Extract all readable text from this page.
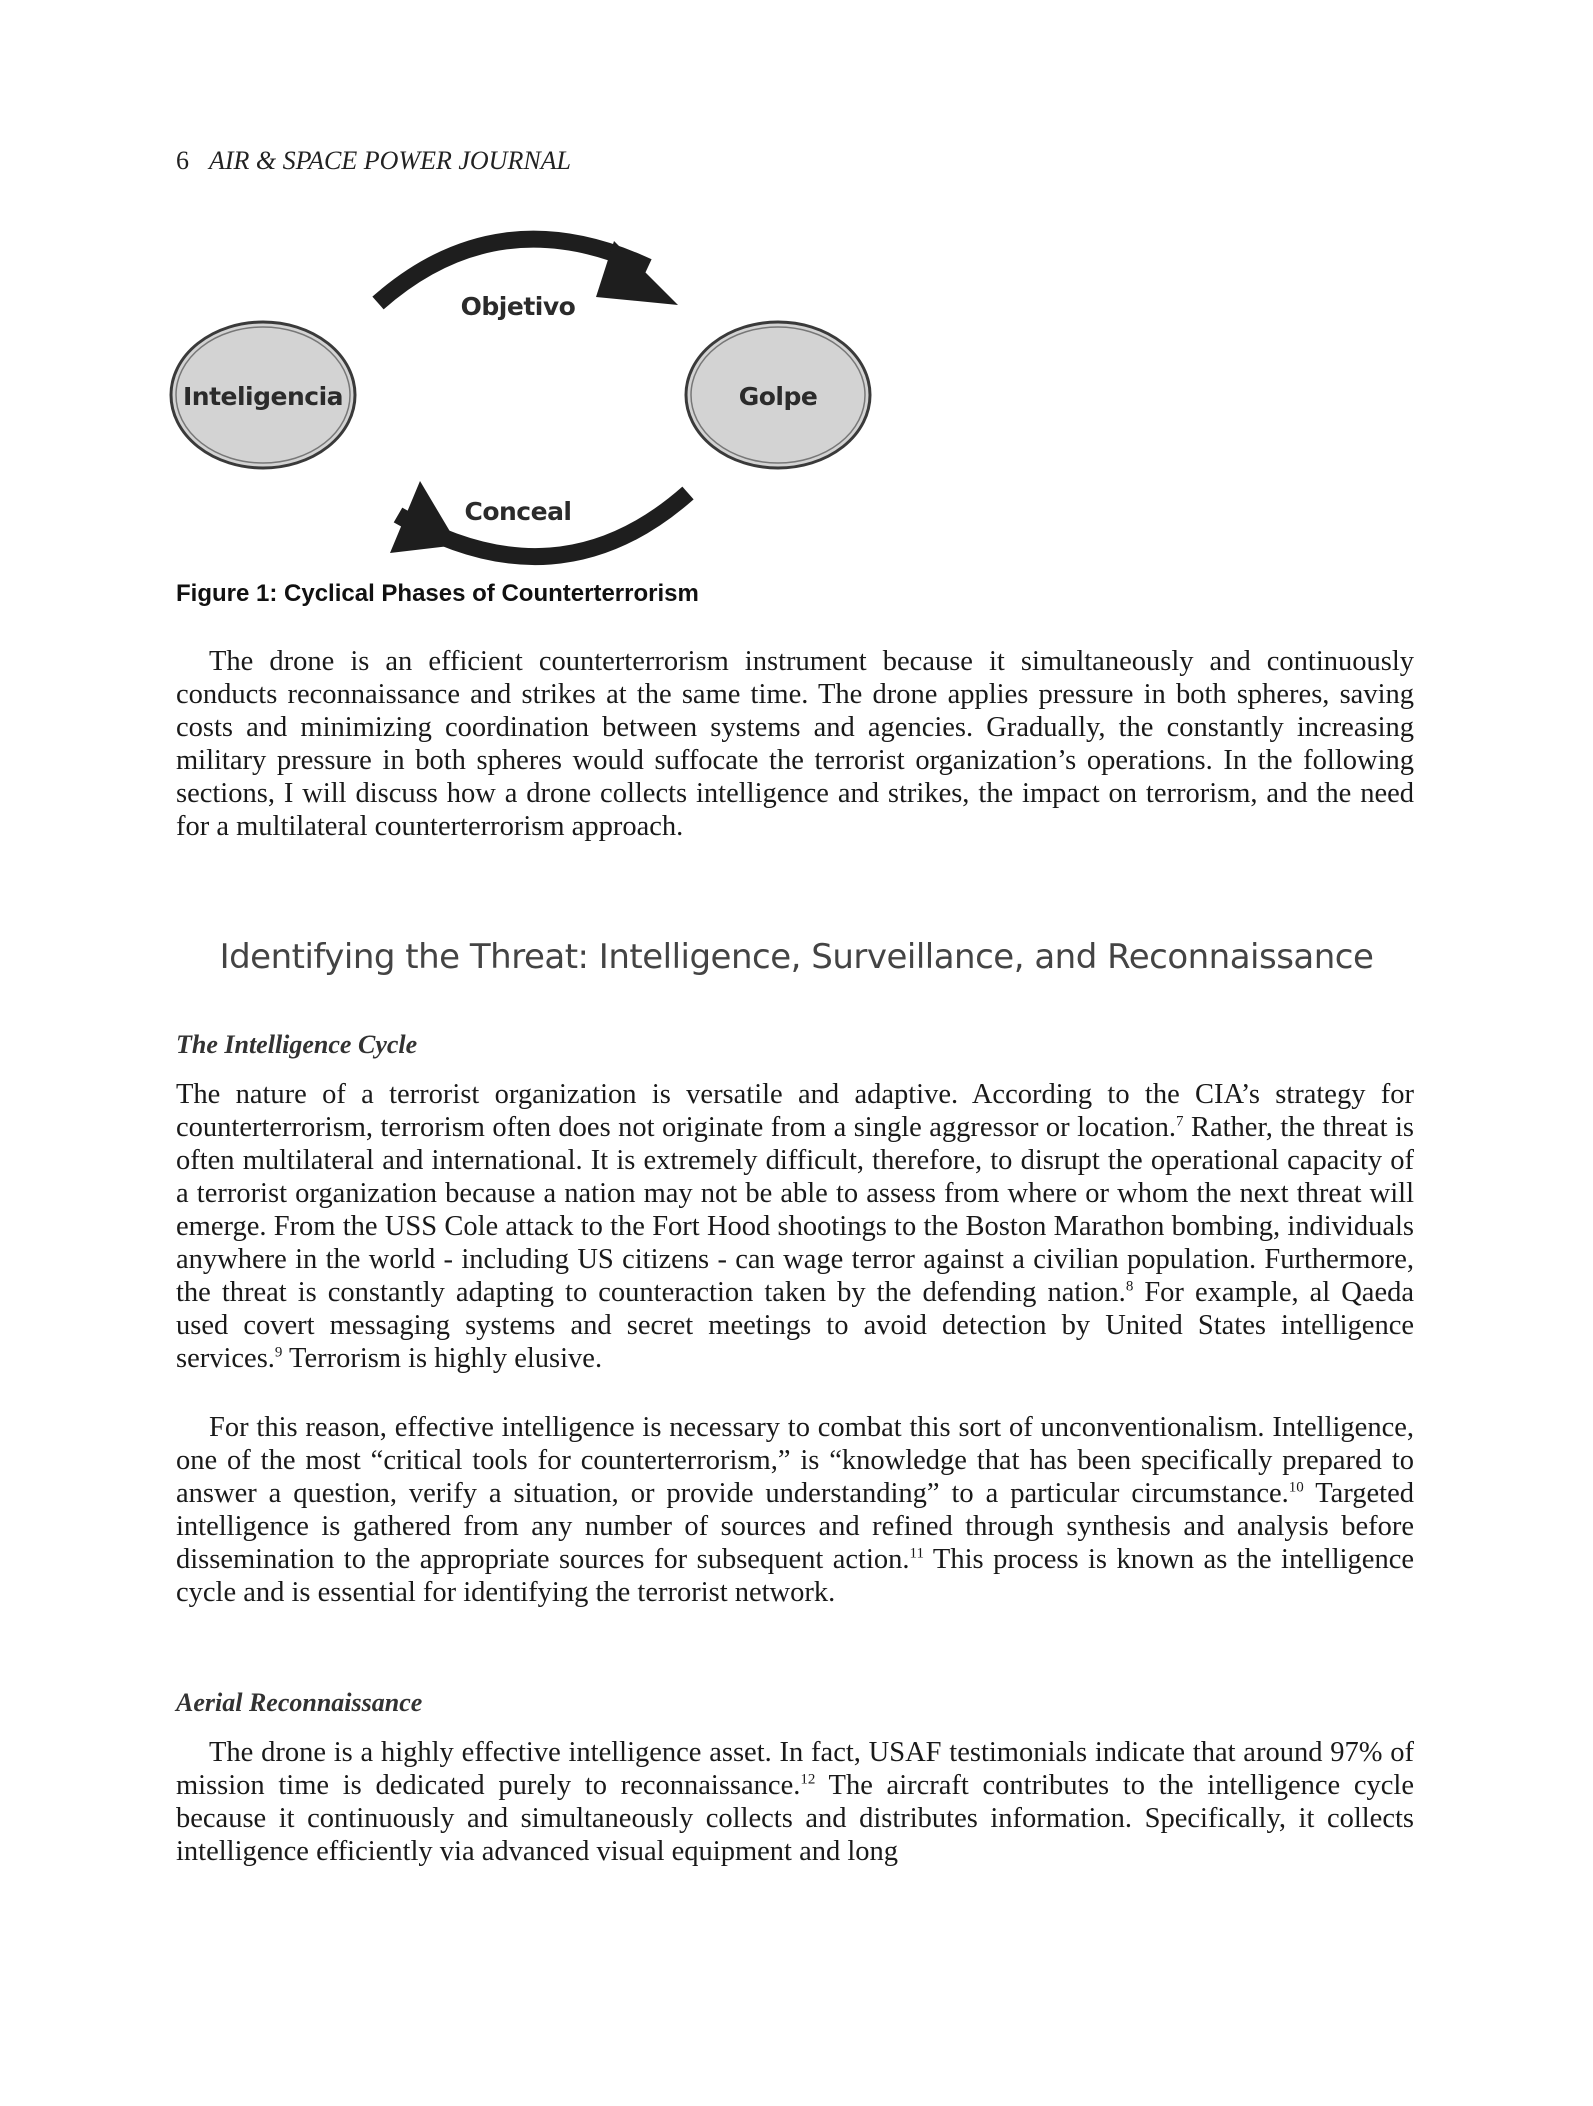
6 AIR & SPACE POWER JOURNAL
Inteligencia	Golpe
Objetivo
Conceal
Figure 1: Cyclical Phases of Counterterrorism

The drone is an efficient counterterrorism instrument because it simultaneously and continuously conducts reconnaissance and strikes at the same time. The drone applies pressure in both spheres, saving costs and minimizing coordination between systems and agencies. Gradually, the constantly increasing military pressure in both spheres would suffocate the terrorist organization’s operations. In the following sections, I will discuss how a drone collects intelligence and strikes, the impact on terrorism, and the need for a multilateral counterterrorism approach.

Identifying the Threat: Intelligence, Surveillance, and Reconnaissance
The Intelligence Cycle

The nature of a terrorist organization is versatile and adaptive. According to the CIA’s strategy for counterterrorism, terrorism often does not originate from a single aggressor or location.$^7$ Rather, the threat is often multilateral and international. It is extremely difficult, therefore, to disrupt the operational capacity of a terrorist organization because a nation may not be able to assess from where or whom the next threat will emerge. From the USS Cole attack to the Fort Hood shootings to the Boston Marathon bombing, individuals anywhere in the world - including US citizens - can wage terror against a civilian population. Furthermore, the threat is constantly adapting to counteraction taken by the defending nation.$^8$ For example, al Qaeda used covert messaging systems and secret meetings to avoid detection by United States intelligence services.$^9$ Terrorism is highly elusive.

For this reason, effective intelligence is necessary to combat this sort of unconventionalism. Intelligence, one of the most “critical tools for counterterrorism,” is “knowledge that has been specifically prepared to answer a question, verify a situation, or provide understanding” to a particular circumstance.$^{10}$ Targeted intelligence is gathered from any number of sources and refined through synthesis and analysis before dissemination to the appropriate sources for subsequent action.$^{11}$ This process is known as the intelligence cycle and is essential for identifying the terrorist network.

Aerial Reconnaissance

The drone is a highly effective intelligence asset. In fact, USAF testimonials indicate that around 97% of mission time is dedicated purely to reconnaissance.$^{12}$ The aircraft contributes to the intelligence cycle because it continuously and simultaneously collects and distributes information. Specifically, it collects intelligence efficiently via advanced visual equipment and long
